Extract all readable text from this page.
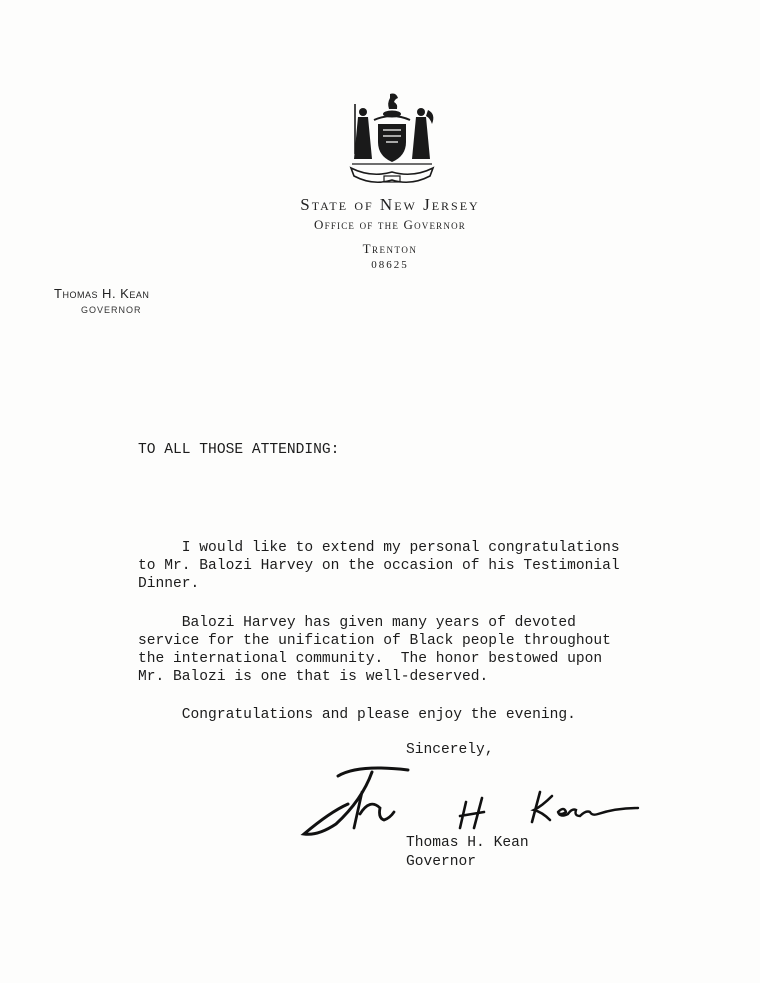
State of New Jersey
Office of the Governor
Trenton
08625
Thomas H. Kean
GOVERNOR
TO ALL THOSE ATTENDING:

I would like to extend my personal congratulations
to Mr. Balozi Harvey on the occasion of his Testimonial
Dinner.

Balozi Harvey has given many years of devoted
service for the unification of Black people throughout
the international community.  The honor bestowed upon
Mr. Balozi is one that is well-deserved.

Congratulations and please enjoy the evening.

Sincerely,
Thomas H. Kean
Governor
